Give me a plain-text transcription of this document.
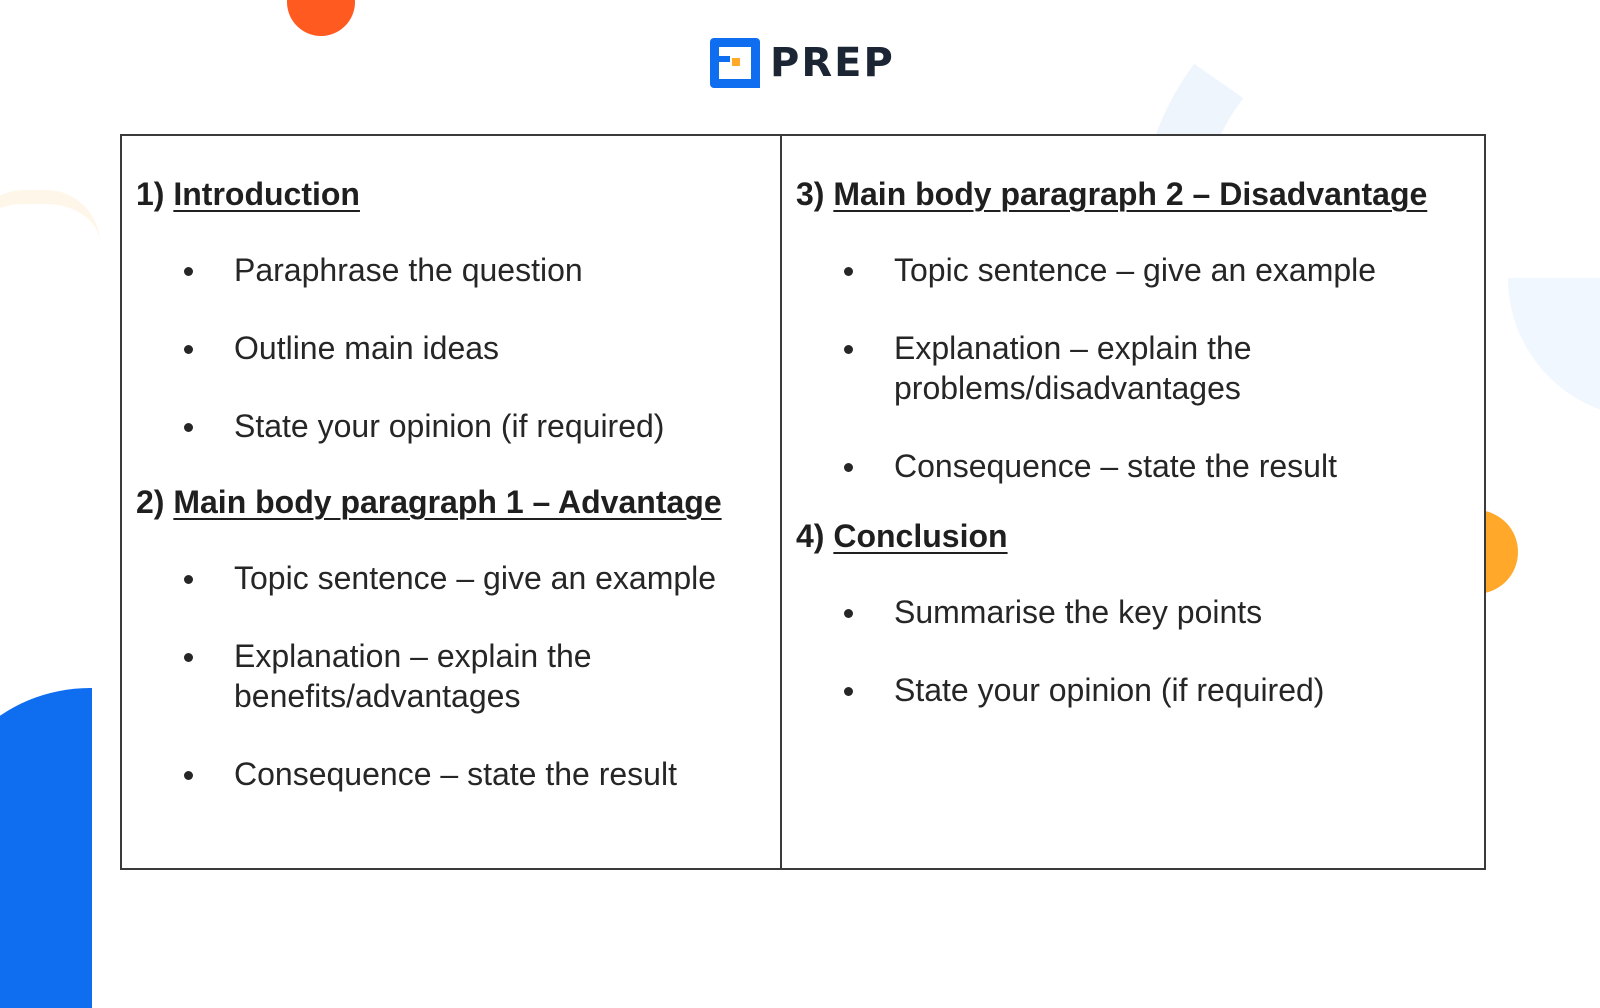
PREP
1) Introduction
Paraphrase the question
Outline main ideas
State your opinion (if required)
2) Main body paragraph 1 – Advantage
Topic sentence – give an example
Explanation – explain the benefits/advantages
Consequence – state the result
3) Main body paragraph 2 – Disadvantage
Topic sentence – give an example
Explanation – explain the problems/disadvantages
Consequence – state the result
4) Conclusion
Summarise the key points
State your opinion (if required)
